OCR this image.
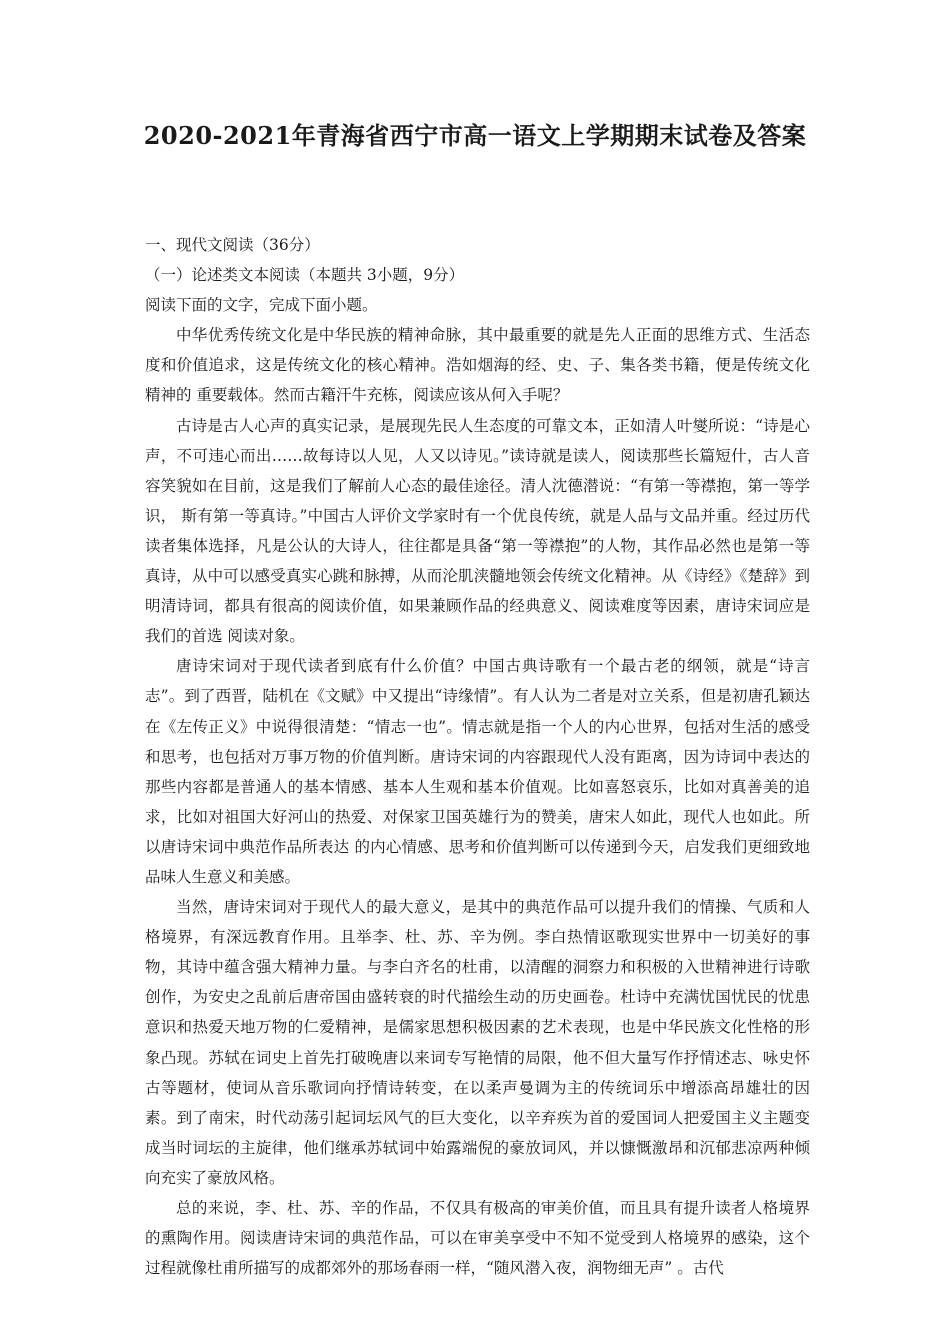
2020-2021年青海省西宁市高一语文上学期期末试卷及答案
一、现代文阅读（36分）
（一）论述类文本阅读（本题共 3小题，9分）
阅读下面的文字，完成下面小题。

中华优秀传统文化是中华民族的精神命脉，其中最重要的就是先人正面的思维方式、生活态度和价值追求，这是传统文化的核心精神。浩如烟海的经、史、子、集各类书籍，便是传统文化精神的 重要载体。然而古籍汗牛充栋，阅读应该从何入手呢？

古诗是古人心声的真实记录，是展现先民人生态度的可靠文本，正如清人叶燮所说：“诗是心声，不可违心而出……故每诗以人见，人又以诗见。”读诗就是读人，阅读那些长篇短什，古人音容笑貌如在目前，这是我们了解前人心态的最佳途径。清人沈德潜说：“有第一等襟抱，第一等学识， 斯有第一等真诗。”中国古人评价文学家时有一个优良传统，就是人品与文品并重。经过历代读者集体选择，凡是公认的大诗人，往往都是具备“第一等襟抱”的人物，其作品必然也是第一等真诗，从中可以感受真实心跳和脉搏，从而沦肌浃髓地领会传统文化精神。从《诗经》《楚辞》到明清诗词，都具有很高的阅读价值，如果兼顾作品的经典意义、阅读难度等因素，唐诗宋词应是我们的首选 阅读对象。

唐诗宋词对于现代读者到底有什么价值？中国古典诗歌有一个最古老的纲领，就是“诗言志”。到了西晋，陆机在《文赋》中又提出“诗缘情”。有人认为二者是对立关系，但是初唐孔颖达在《左传正义》中说得很清楚：“情志一也”。情志就是指一个人的内心世界，包括对生活的感受和思考，也包括对万事万物的价值判断。唐诗宋词的内容跟现代人没有距离，因为诗词中表达的那些内容都是普通人的基本情感、基本人生观和基本价值观。比如喜怒哀乐，比如对真善美的追求，比如对祖国大好河山的热爱、对保家卫国英雄行为的赞美，唐宋人如此，现代人也如此。所以唐诗宋词中典范作品所表达 的内心情感、思考和价值判断可以传递到今天，启发我们更细致地品味人生意义和美感。

当然，唐诗宋词对于现代人的最大意义，是其中的典范作品可以提升我们的情操、气质和人格境界，有深远教育作用。且举李、杜、苏、辛为例。李白热情讴歌现实世界中一切美好的事物，其诗中蕴含强大精神力量。与李白齐名的杜甫，以清醒的洞察力和积极的入世精神进行诗歌创作，为安史之乱前后唐帝国由盛转衰的时代描绘生动的历史画卷。杜诗中充满忧国忧民的忧患意识和热爱天地万物的仁爱精神，是儒家思想积极因素的艺术表现，也是中华民族文化性格的形象凸现。苏轼在词史上首先打破晚唐以来词专写艳情的局限，他不但大量写作抒情述志、咏史怀古等题材，使词从音乐歌词向抒情诗转变，在以柔声曼调为主的传统词乐中增添高昂雄壮的因素。到了南宋，时代动荡引起词坛风气的巨大变化，以辛弃疾为首的爱国词人把爱国主义主题变成当时词坛的主旋律，他们继承苏轼词中始露端倪的豪放词风，并以慷慨激昂和沉郁悲凉两种倾向充实了豪放风格。

总的来说，李、杜、苏、辛的作品，不仅具有极高的审美价值，而且具有提升读者人格境界的熏陶作用。阅读唐诗宋词的典范作品，可以在审美享受中不知不觉受到人格境界的感染，这个过程就像杜甫所描写的成都郊外的那场春雨一样，“随风潜入夜，润物细无声” 。古代
